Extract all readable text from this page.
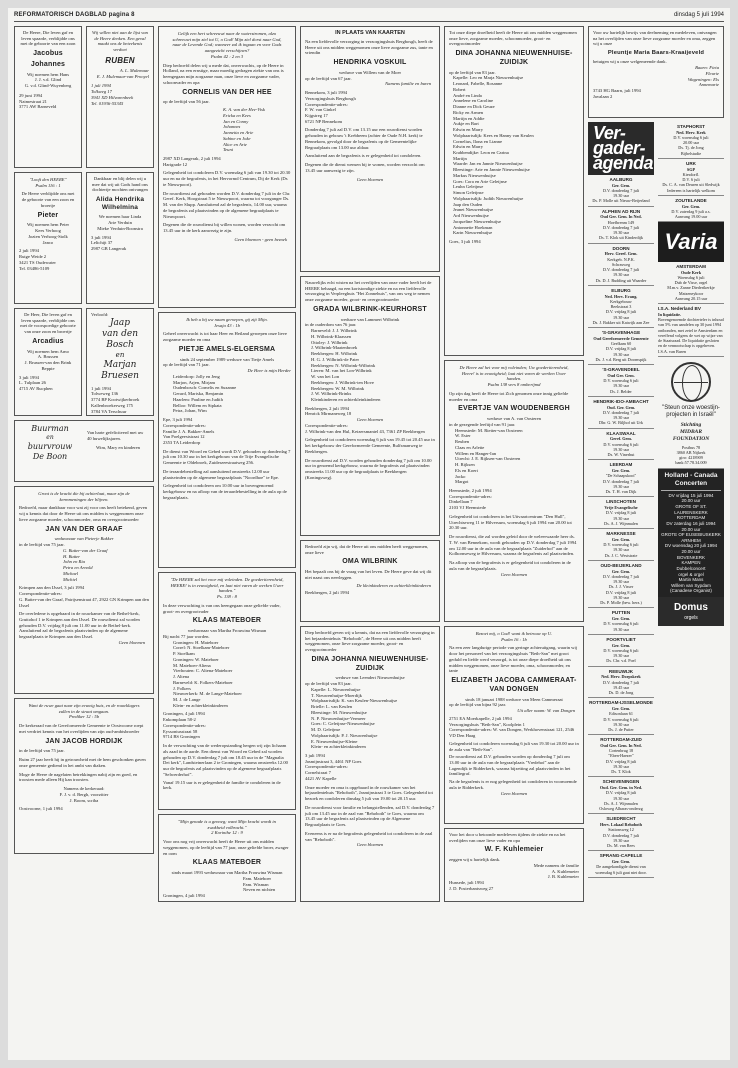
REFORMATORISCH DAGBLAD pagina 8	dinsdag 5 juli 1994
De Heere, Die leven gaf en leven spaarde, verblijdde ons met de geboorte van een zoon
Jacobus
Johannes
Wij noemen hem Hans
J. J. v.d. Glind
G. v.d. Glind-Wuyenberg
29 juni 1994
Naimestraat 21
3771 AW Barneveld
Wij willen niet aan de lijst van de Heere denken. Een geval maakt ons de beteekenis verdoet
RUBEN
A. L. Mulemaar
E. J. Mulemaar-van Prooyel
1 juli 1994
Tolkweg 17
3941 XD Hilvarenbeek
Tel. 01936-55345
"Looft den HEERE"
Psalm 116 : 1
De Heere verblijdde ons met de geboorte van een zoon en broertje
Pieter
Wij noemen hem Peter
Kees Verhoog
Jozien Verhoog-Stolk
Janco
2 juli 1994
Rutge Weide 2
3421 TS Oudewater
Tel. 03486-5109
Dankbaar en blij delen wij u mee dat wij uit Gods hand ons dochtertje mochten ontvangen
Alida Hendrika Wilhelmina
We noemen haar Linda
Arie Verduin
Mieke Verduin-Boonstra
3 juli 1994
Lelichijt 37
2987 GB Langerak
De Heer, Die leven gaf en leven spaarde, verblijdde ons met de voorspoedige geboorte van onze zoon en broertje
Arcadius
Wij noemen hem Arno
A. Brussen
J. Brussen-van den Brink
Beppie
3 juli 1994
L. Tulplaan 26
4715 AV Rucphen
Verloofd:
Jaap
van den Bosch
en
Marjan
Bruesen
1 juli 1994
Tolweweg 136
3774 BP Kootwijkerbroek
Kallenbroekerweg 175
3784 VA Terschuur
Buurman
en
buurvrouw
De Boon
Van harte gefeliciteerd met uw 40 huwelijksjaren.
Wim, Mary en kinderen
Groot is de kracht die bij achterlaat, maar zijn de kermmeningen der blijven.
Bedroefd, maar dankbaar voor wat zij voor ons heeft betekend, geven wij u kennis dat door de Heere uit ons midden is weggenomen onze lieve zorgzame moeder, schoonmoeder, oma en overgrootmoeder
JAN VAN DER GRAAF
weduwnaar van Pieterje Bakker
in de leeftijd van 75 jaar.
G. Butter-van der Graaf
H. Butter
John en Ria
Petra en Arnold
Michael
Michiel
Krimpen aan den IJssel, 3 juli 1994
Correspondentie-adres:
G. Butter-van der Graaf, Patrijsenstraat 47, 2922 GN Krimpen aan den IJssel
De overledene is opgebaard in de rouwkamer van de Bethel-kerk, Gruttohof 1 te Krimpen aan den IJssel. De rouwdienst zal worden gehouden D.V. vrijdag 8 juli om 11.00 uur in de Bethel-kerk. Aansluitend zal de begrafenis plaatsvinden op de algemene begraafplaats te Krimpen aan den IJssel.
Geen bloemen
Want de ruwe gaat naar zijn eeuwig huis, en de rouwklagers zullen in de straat omgaan.
Prediker 12 : 5b
De kerkeraad van de Gereformeerde Gemeente te Oostvoorne roept met verdriet kennis van het overlijden van zijn oud-ambtsbroeder
JAN JACOB HORDIJK
in de leeftijd van 75 jaar.
Ruim 27 jaar heeft hij in getrouwheid met de hem geschonken gaven onze gemeente gediend in het ambt van diaken.
Moge de Heere de nagelaten betrekkingen nabij zijn en goed, en troosten mede alleen Hij kan troosten.
Namens de kerkeraad:
F. J. v. d. Bergh, voorzitter
J. Boom, scriba
Oostvoorne, 1 juli 1994
Gelijk een hert schreeuwt naar de waterstromen, alzo schreeuwt mijn ziel tot U, o God! Mijn ziel dorst naar God, naar de Levende God; wanneer zal ik ingaan en voor Gods aangezicht verschijnen?
Psalm 42 : 2 en 3
Diep bedroefd delen wij u mede dat, onverwachts, op de Heere in Holland, na een ernstige, maar moedig gedragen ziekte van ons is heengegaan mijn zorgzame man, onze lieve en zorgzame vader, schoonvader en opa
CORNELIS VAN DER HEE
op de leeftijd van 56 jaar.
K. A. van der Hee-Visk
Ericka en Kees
Jan en Conny
Johannes
Jannetta en Arie
Sabine en Joke
Alice en Arie
Teuni
2987 XD Langerak, 2 juli 1994
Harigrade 12
Gelegenheid tot condoleren D.V. woensdag 6 juli van 19.30 tot 20.30 uur en na de begrafenis, in het Hervormd Centrum, Dij de Kerk (Ds te Nieuwpoort).
De rouwdienst zal gehouden worden D.V. donderdag 7 juli in de Chr. Geref. Kerk, Hoogstraat 5 te Nieuwpoort, waarna tot voorganger Ds. M. van der Slupp. Aansluitend zal de begrafenis, 14.00 uur, waarna de begrafenis zal plaatsvinden op de algemene begraafplaats te Nieuwpoort.
Degenen die de rouwdienst bij willen wonen, worden verzocht om 13.45 uur in de kerk aanwezig te zijn.
Geen bloemen - geen bezoek
Ik heb u bij uw naam geroepen, gij zijt Mijn.
Jesaja 43 : 1b
Geheel onverwacht is tot haar Heer en Heiland geroepen onze lieve zorgzame moeder en oma
PIETJE AMELS-ELGERSMA
sinds 24 september 1989 weduwe van Tietje Amels
op de leeftijd van 71 jaar.
De Heer is mijn Herder
Leiderdorp: Jolly en Jeng
Marjon, Arjen, Mirjam
Oudenbosch: Cornelis en Suzanne
Gerard, Mariska, Benjamin
Haarlem: Pauline en Judith
Belloo: Willem en Sipkata
Petra, Johan, Wim
Epe, 3 juli 1994
Correspondentie-adres:
Familie J. A. Bakker-Amels
Van Poelgeeststraat 12
2353 TA Leiderdorp
De dienst van Woord en Gebed wordt D.V. gehouden op donderdag 7 juli om 10.30 uur in het kerkgebouw van de Trije Evangelische Gemeente te Oldebroek, Zuiderzeestraatweg 256.
De teraardebestelling zal aansluitend omstreeks 12.00 uur plaatsvinden op de algemene begraafplaats "Noordhoe" te Epe.
Gelegenheid tot condoleren om 10.00 uur in bovengenoemd kerkgebouw en na afloop van de teraardebestelling in de aula op de begraafplaats.
"De HEERE zal het voor mij voleinden. De goedertierenheid, HEERE! is in eeuwigheid, en laat niet varen de werken Uwer handen."
Ps. 138 : 8
In deze verwachting is van ons heengegaan onze geliefde vader, groot- en overgrootvader
KLAAS MATEBOER
weduwnaar van Martha Frouwina Wisman
Bij nacht 77 jaar worden.
Groningen: H. Mateboer
Correl: N. Stoelkam-Mateboer
P. Stoelkam
Groningen: W. Mateboer
M. Mateboer-Altena
Vierhouten: C. Altena-Mateboer
J. Altena
Barneveld: K. Folkers-Mateboer
J. Folkers
Nieuwerkerk: M. de Lange-Mateboer
M. J. de Lange
Klein- en achterkleinkinderen
Groningen, 4 juli 1994
Enkomplaan 58-2
Correspondentie-adres:
Eyssoniusstraat 58
9714 BS Groningen
In de verwachting van de wederopstanding hergen wij zijn lichaam als zaad in de aarde. Een dienst van Woord en Gebed zal worden gehouden op D.V. donderdag 7 juli om 18.45 uur in de "Magnalia Dei kerk", Landsteinerlaan 2 te Groningen, waarna omstreeks 12.00 uur de begrafenis zal plaatsvinden op de algemene begraafplaats "Selwerderhof".
Vanaf 19.15 uur is er gelegenheid de familie te condoleren in de kerk.
"Mijn genade is u genoeg; want Mijn kracht wordt in zwakheid volbracht."
2 Korinthe 12 : 9
Voor ons nog vrij onverwacht heeft de Heere uit ons midden weggenomen, op de leeftijd van 77 jaar, onze geliefde broer, zwager en oom
KLAAS MATEBOER
sinds maart 1993 weduwnaar van Martha Frouwina Wisman
Fam. Mateboer
Fam. Wisman
Neven en nichten
Groningen, 4 juli 1994
IN PLAATS VAN KAARTEN
Na een liefdevolle verzorging in verzorgingshuis Bergbosgh, heeft de Heere uit ons midden weggenomen onze lieve zorgzame zus, tante en vriendin
HENDRIKA VOSKUIL
weduwe van Willem van de Moer
op de leeftijd van 67 jaar.
Namens familie en buren
Bennekom, 3 juli 1994
Verzorgingshuis Bergbosgh
Correspondentie-adres:
F. W. van Ginkel
Kijgstreg 17
6721 NP Bennekom
Donderdag 7 juli zal D.V. om 13.15 uur een rouwdienst worden gehouden in gebouw 't Krebbeem (achter de Oude N.H. kerk) te Bennekom, gevolgd door de begrafenis op de Gemeentelijke Begraafplaats om 13.00 uur aldaar.
Aansluitend aan de begrafenis is er gelegenheid tot condoleren.
Degenen die de dienst wensen bij te wonen, worden verzocht om 13.45 uur aanwezig te zijn.
Geen bloemen
Nauwelijks echt wisten na het overlijden van onze vader heeft het de HEERE behaagd, na een kortstondige ziekte en na een liefdevolle verzorging in Verpleeghuis "Het Zonnehuis", van ons weg te nemen onze zorgzame moeder, groot- en overgrootmoeder
GRADA WILBRINK-KEURHORST
weduwe van Lammert Wilbrink
in de ouderdom van 76 jaar.
Barneveld: J. J. Wilbrink
H. Wilbrink-Klaassen
Ottoley: J. Wilbrink
J. Wilbrink-Maatenbroek
Beekbergen: H. Wilbrink
H. G. J. Wilbrink-de Pater
Beekbergen: N. Wilbrink-Wilbrink
Lieren: M. van het Lon-Wilbrink
W. van het Lon
Beekbergen: J. Wilbrink-ten Hove
Beekbergen: W. M. Wilbrink
J. W. Wilbrink-Brinks
Kleinkinderen en achterkleinkinderen
Beekbergen, 2 juli 1994
Henrick Mirmaneweg 18
Geen bloemen
Correspondentie-adres:
J. Wilbrink-van den Hul, Keizersmantel 43, 7361 ZP Beekbergen
Gelegenheid tot condoleren woensdag 6 juli van 19.45 tot 20.45 uur in het kerkgebouw der Gereformeerde Gemeente, Rulfsmanweg te Beekbergen.
De rouwdienst zal D.V. worden gehouden donderdag 7 juli om 10.00 uur in genoemd kerkgebouw, waarna de begrafenis zal plaatsvinden omstreeks 11.00 uur op de begraafplaats te Beekbergen (Koningsweg).
Bedroefd zijn wij, dat de Heere uit ons midden heeft weggenomen, onze lieve
OMA WILBRINK
Het bepaalt ons bij de vraag van het leven. De Heere geve dat wij dit niet naast ons neerleggen.
De kleinkinderen en achterkleinkinderen
Beekbergen, 2 juli 1994
Diep bedroefd geven wij u kennis, dat na een liefdevolle verzorging in het bejaardentehuis "Rehoboth", de Heere uit ons midden heeft weggenomen, onze lieve zorgzame moeder, groot- en overgrootmoeder
DINA JOHANNA NIEUWENHUISE-ZUIDIJK
weduwe van Leendert Nieuwenhuijse
op de leeftijd van 83 jaar.
Kapelle: L. Nieuwenhuijse
T. Nieuwenhuijse-Moerdijk
Wolphaartsdijk: K. van Keulen-Nieuwenhuijse
Brielle: L. van Keulen
Bleestinge: M. Nieuwenhuijse
N. P. Nieuwenhuijse-Vermeer
Goes: C. Geleijnse-Nieuwenhuijse
M. D. Geleijnse
Wolphaartsdijk: P. J. Nieuwenhuijse
E. Nieuwenhuijse-Kleine
Klein- en achterkleinkinderen
3 juli 1994
Jasmijnstraat 3, 4461 NP Goes
Correspondentie-adres:
Cornelstraat 7
4421 AV Kapelle
Onze moeder en oma is opgebaard in de rouwkamer van het bejaardentehuis "Rehoboth", Jasmijnstraat 3 te Goes. Gelegenheid tot bezoek en condoleren dinsdag 5 juli van 19.00 tot 20.15 uur.
De rouwdienst voor familie en belangstellenden, zal D.V. donderdag 7 juli om 13.45 uur in de zaal van "Rehoboth" te Goes, waarna om 13.45 uur de begrafenis zal plaatsvinden op de Algemene Begraafplaats te Goes.
Eveneens is er na de begrafenis gelegenheid tot condoleren in de zaal van "Rehoboth".
Geen bloemen
Tot onze diepe droefheid heeft de Heere uit ons midden weggenomen onze lieve, zorgzame moeder, schoonmoeder, groot- en overgrootmoeder
DINA JOHANNA NIEUWENHUISE-ZUIDIJK
op de leeftijd van 83 jaar.
Kapelle: Leo en Marja Nieuwenhuijse
Leonard, Fabelle, Rosanne
Robert
André en Linda
Annelene en Caroline
Dianne en Dick Geuze
Ricky en Armen
Martijn en Addie
Aukje en Bart
Edwin en Marry
Wolphaartsdijk: Kees en Hanny van Keulen
Cornelius, Ilona en Lianne
Edwin en Marry
Krabbendijke: Leon en Carina
Martijn
Waarde: Jan en Jannie Nieuwenhuijse
Bleestinge: Arie en Jannie Nieuwenhuijse
Markus Nieuwenhuijse
Goes: Cora en Arie Geleijnse
Leuhn Geleijnse
Simon Geleijnse
Wolphaartsdijk: Judith Nieuwenhuijse
Jaap den Ouden
Jeanet Nieuwenhuijse
Ard Nieuwenhuijse
Jacqueline Nieuwenhuijse
Antonnette Hoekman
Karin Nieuwenhuijse
Goes, 3 juli 1994
De Heere zal het voor mij voleinden; Uw goedertierenheid, Heere! is in eeuwigheid; laat niet varen de werken Uwer handen.
Psalm 138 vers 8 omberijmd
Op zijn dag heeft de Heere tot Zich genomen onze innig geliefde moeder en oma
EVERTJE VAN WOUDENBERGH
weduwe van A. van Oosteren
in de gezegende leeftijd van 91 jaar.
Heemstede: M. Rietter-van Oosteren
W. Ester
Reuben
Claas en Arlette
Willem en Hanger-Ian
Utrecht: J. E. Rijksen-van Oosteren
H. Rijksen
Els en Koert
Jacko
Margot
Heemstede, 2 juli 1994
Correspondentie-adres:
Dinkellaan 7
2103 VJ Heemstede
Gelegenheid tot condoleren in het Uitvaartcentrum "Den Hull", Utrechtseweg 11 te Hilversum, woensdag 6 juli 1994 van 20.00 tot 20.30 uur.
De rouwdienst, die zal worden geleid door de weleerwaarde heer ds. T. W. van Bennekom, wordt gehouden op D.V. donderdag 7 juli 1994 om 12.00 uur in de aula van de begraafplaats "Zuiderhof" aan de Kolhornseweg te Hilversum, waarna de begrafenis zal plaatsvinden.
Na afloop van de begrafenis is er gelegenheid tot condoleren in de aula van de begraafplaats.
Geen bloemen
Bezoet mij, o God! want ik betrouw op U.
Psalm 16 : 1b
Na een zeer langdurige periode van geringe achteruitgang, waarin wij door het personeel van het verzorgingshuis "Beth-San" met groot geduld en liefde werd verzorgd, is tot onze diepe droefheid uit ons midden weggenomen, onze lieve moeder, oma, schoonmoeder, en tante
ELIZABETH JACOBA CAMMERAAT-VAN DONGEN
sinds 18 januari 1988 weduwe van Meen Cammeraat
op de leeftijd van bijna 92 jaar.
Uit aller naam: W. van Dongen
2751 EA Moerkapelle, 2 juli 1994
Verzorgingshuis "Beth-San", Koolplein 1
Correspondentie-adres: W. van Dongen, Werkhovenstraat 121, 2546 VD Den Haag
Gelegenheid tot condoleren woensdag 6 juli van 19.30 tot 20.00 uur in de aula van "Beth-San".
De rouwdienst zal D.V. gehouden worden op donderdag 7 juli om 13.00 uur in de aula van de begraafplaats "Vredehof" aan de Lagendijk te Ridderkerk, waarna bijzetting zal plaatsvinden in het familiegraf.
Na de begrafenis is er nog gelegenheid tot condoleren in voornoemde aula te Ridderkerk.
Geen bloemen
Voor het door u betoonde medeleven tijdens de ziekte en na het overlijden van onze lieve vader en opa
W. F. Kuhlemeier
zeggen wij u hartelijk dank.
Mede namens de familie
A. Kuhlemeier
J. B. Kuhlemeier
Hunsede, juli 1994
J. D. Posterbantsweg 27
Voor uw hartelijk bewijs van deelneming en medeleven, ontvangen na het overlijden van onze lieve zorgzame moeder en oma, zeggen wij u onze
Pleuntje Maria Baars-Kraaijeveld
betuigen wij u onze welgemeende dank.
Baarn: Fieta
Fleurie
Wageningen: Els
Annemarie
3743 HG Baarn, juli 1994
Javalaan 2
Ver-
gader-
agenda
AALBURG
Ger. Gem.
D.V. donderdag 7 juli
19.30 uur
Ds. P. Molle uit Nieuw-Beijerland
ALPHEN AD RIJN
Oud Ger. Gem. In Ned.
Hoefbrenm 149
D.V. donderdag 7 juli
19.30 uur
Ds. T. Klok uit Kinderdijk
DOORN
Herv. Geref. Gem.
Kerkgeb. N.P.K.
Schrasweg
D.V. donderdag 7 juli
19.30 uur
Ds. D. J. Budding uit Waarder
ELBURG
Ned. Herv. Evang.
Kerkgebouw
Beekstraat 3
D.V. vrijdag 8 juli
19.30 uur
Ds. J. Bakker uit Katwijk aan Zee
'S-GRAVENHAGE
Oud Gereformeerde Gemeente
Geelkam 60
D.V. vrijdag 8 juli
19.30 uur
Ds. J. v.d. Berg uit Doornspijk
'S-GRAVENDEEL
Oud Ger. Gem.
D.V. woensdag 6 juli
19.30 uur
Ds. J. Belder
HENDRIK-IDO-AMBACHT
Oud. Ger. Gem.
D.V. donderdag 7 juli
19.30 uur
Dhr. G. W. Biljhof uit Urk
KLAASWAAL
Geref. Gem.
D.V. woensdag 6 juli
19.30 uur
Ds. W. Vinerhut
LEERDAM
Ger. Gem.
"De Schaapskooi"
D.V. donderdag 7 juli
19.30 uur
Ds. T. H. van Dijk
LINSCHOTEN
Vrije Evangelische
D.V. vrijdag 8 juli
19.30 uur
Ds. A. J. Wijnmalen
MARKNESSE
Ger. Gem.
D.V. woensdag 6 juli
19.30 uur
Ds. J. C. Weststrate
OUD-BEIJERLAND
Ger. Gem.
D.V. donderdag 7 juli
19.30 uur
Ds. J. J. Visser
D.V. vrijdag 8 juli
19.30 uur
Ds. P. Molle (bew. herz.)
PUTTEN
Ger. Gem.
D.V. woensdag 6 juli
19.30 uur
POORTVLIET
Ger. Gem.
D.V. woensdag 6 juli
19.30 uur
Ds. Chr. v.d. Poel
REEUWIJK
Ned. Herv. Dorpskerk
D.V. donderdag 7 juli
19.45 uur
Ds. D. de Jong
ROTTERDAM-IJSSELMONDE
Ger. Gem.
Edisonlaan 61
D.V. woensdag 6 juli
19.30 uur
Ds. J. de Putter
ROTTERDAM-ZUID
Oud Ger. Gem. In Ned.
Cortenbrug 18
"Eben-Haezer"
D.V. vrijdag 8 juli
19.30 uur
Ds. T. Klok
SCHEVENINGEN
Oud. Ger. Gem. in Ned.
D.V. vrijdag 8 juli
19.30 uur
Ds. A. J. Wijnmalen
Osloweg Albaras-onderzg
SLIEDRECHT
Herv. Lokaal Rehoboth
Stationsweg 12
D.V. donderdag 7 juli
19.30 uur
Ds. M. van Rees
SPRANG-CAPELLE
Ger. Gem.
De aangekondigde dienst van woensdag 6 juli gaat niet door.
STAPHORST
Ned. Herv. Kerk
D.V. woensdag 6 juli
20.00 uur
Ds. Tj. de Jong
Bijbelstudie
URK
SGP
Kiesdorfl.
D.V. 6 juli
Ds. C. A. van Deuren uit Sledwijk
Iedereen is hartelijk welkom
ZOUTELANDE
Ger. Gem.
D.V. zaterdag 9 juli a.s.
Aanvang 19.00 uur
Varia
AMSTERDAM
Oude Kerk
Woensdag 6 juli
Dub de Visse, orgel
M.m.v. Zanne Diederikerkje
Matzeneykoor
Aanvang 20.15 uur
I.S.A. Nederland BV
In liquidatie.
Bovengenoemde dochterteler is inhoud van 5% van aandelen op 30 juni 1994 ontbonden, met zetel te Amsterdam en vereffend volgens de wet op wijze van de Staatsraad. De liquidatie gesloten en de vennootschap is opgeheven.
I.S.A. van Baren
"Steun onze woestijn-projecten in Israël"
Stichting
MIDBAR
FOUNDATION
Postbus 78
3860 AB Nijkerk
giro: 4218909
bank:57.78.34.009
Holland - Canada Concerten
DV vrijdag 15 juli 1994
20.00 uur
GROTE OF ST. LAURENSKERK
ROTTERDAM
DV zaterdag 16 juli 1994
20.00 uur
GROTE OF EUSEBIUSKERK
ARNHEM
DV woensdag 20 juli 1994
20.00 uur
BOVENKERK
KAMPEN
Dubbelconcert
orgel & orgel
Martin Mans
Willem van Sypdam
(Canadese Organist)
Domus
orgels
